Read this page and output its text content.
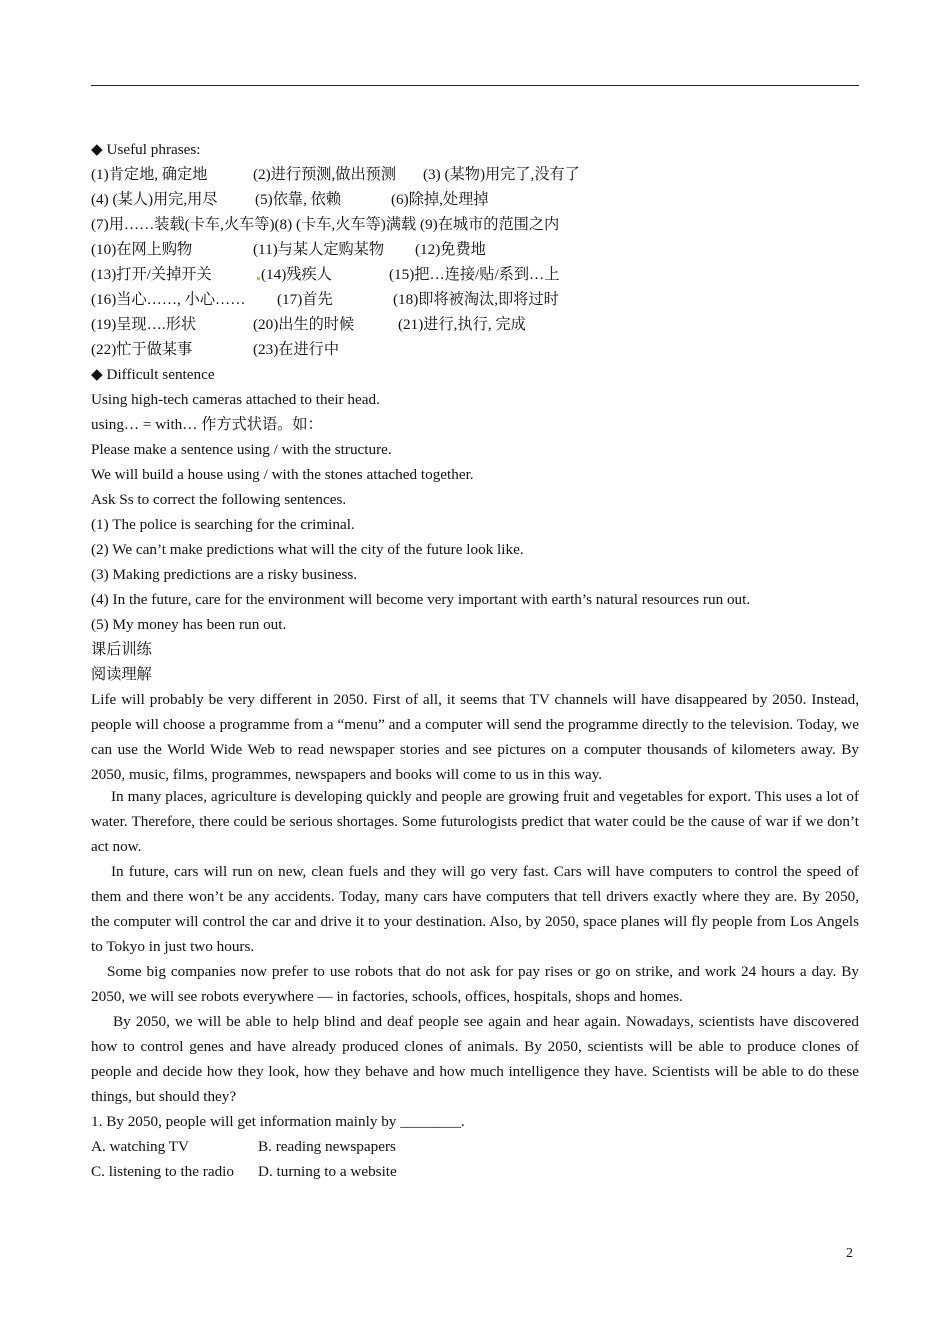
◆ Useful phrases:
(1)肯定地, 确定地	(2)进行预测,做出预测 (3) (某物)用完了,没有了
(4) (某人)用完,用尽 (5)依靠, 依赖	(6)除掉,处理掉
(7)用……装载(卡车,火车等)(8) (卡车,火车等)满载 (9)在城市的范围之内
(10)在网上购物	(11)与某人定购某物 (12)免费地
(13)打开/关掉开关	(14)残疾人	(15)把…连接/贴/系到…上
(16)当心……, 小心…… (17)首先	(18)即将被淘汰,即将过时
(19)呈现….形状	(20)出生的时候	(21)进行,执行, 完成
(22)忙于做某事	(23)在进行中
◆ Difficult sentence
Using high-tech cameras attached to their head.
using… = with… 作方式状语。如：
Please make a sentence using / with the structure.
We will build a house using / with the stones attached together.
Ask Ss to correct the following sentences.
(1) The police is searching for the criminal.
(2) We can’t make predictions what will the city of the future look like.
(3) Making predictions are a risky business.
(4) In the future, care for the environment will become very important with earth’s natural resources run out.
(5) My money has been run out.
课后训练
阅读理解

Life will probably be very different in 2050. First of all, it seems that TV channels will have disappeared by 2050. Instead, people will choose a programme from a “menu” and a computer will send the programme directly to the television. Today, we can use the World Wide Web to read newspaper stories and see pictures on a computer thousands of kilometers away. By 2050, music, films, programmes, newspapers and books will come to us in this way.

In many places, agriculture is developing quickly and people are growing fruit and vegetables for export. This uses a lot of water. Therefore, there could be serious shortages. Some futurologists predict that water could be the cause of war if we don’t act now.

In future, cars will run on new, clean fuels and they will go very fast. Cars will have computers to control the speed of them and there won’t be any accidents. Today, many cars have computers that tell drivers exactly where they are. By 2050, the computer will control the car and drive it to your destination. Also, by 2050, space planes will fly people from Los Angels to Tokyo in just two hours.

Some big companies now prefer to use robots that do not ask for pay rises or go on strike, and work 24 hours a day. By 2050, we will see robots everywhere — in factories, schools, offices, hospitals, shops and homes.

By 2050, we will be able to help blind and deaf people see again and hear again. Nowadays, scientists have discovered how to control genes and have already produced clones of animals. By 2050, scientists will be able to produce clones of people and decide how they look, how they behave and how much intelligence they have. Scientists will be able to do these things, but should they?

1. By 2050, people will get information mainly by ________.
A. watching TV	B. reading newspapers
C. listening to the radio D. turning to a website
2
